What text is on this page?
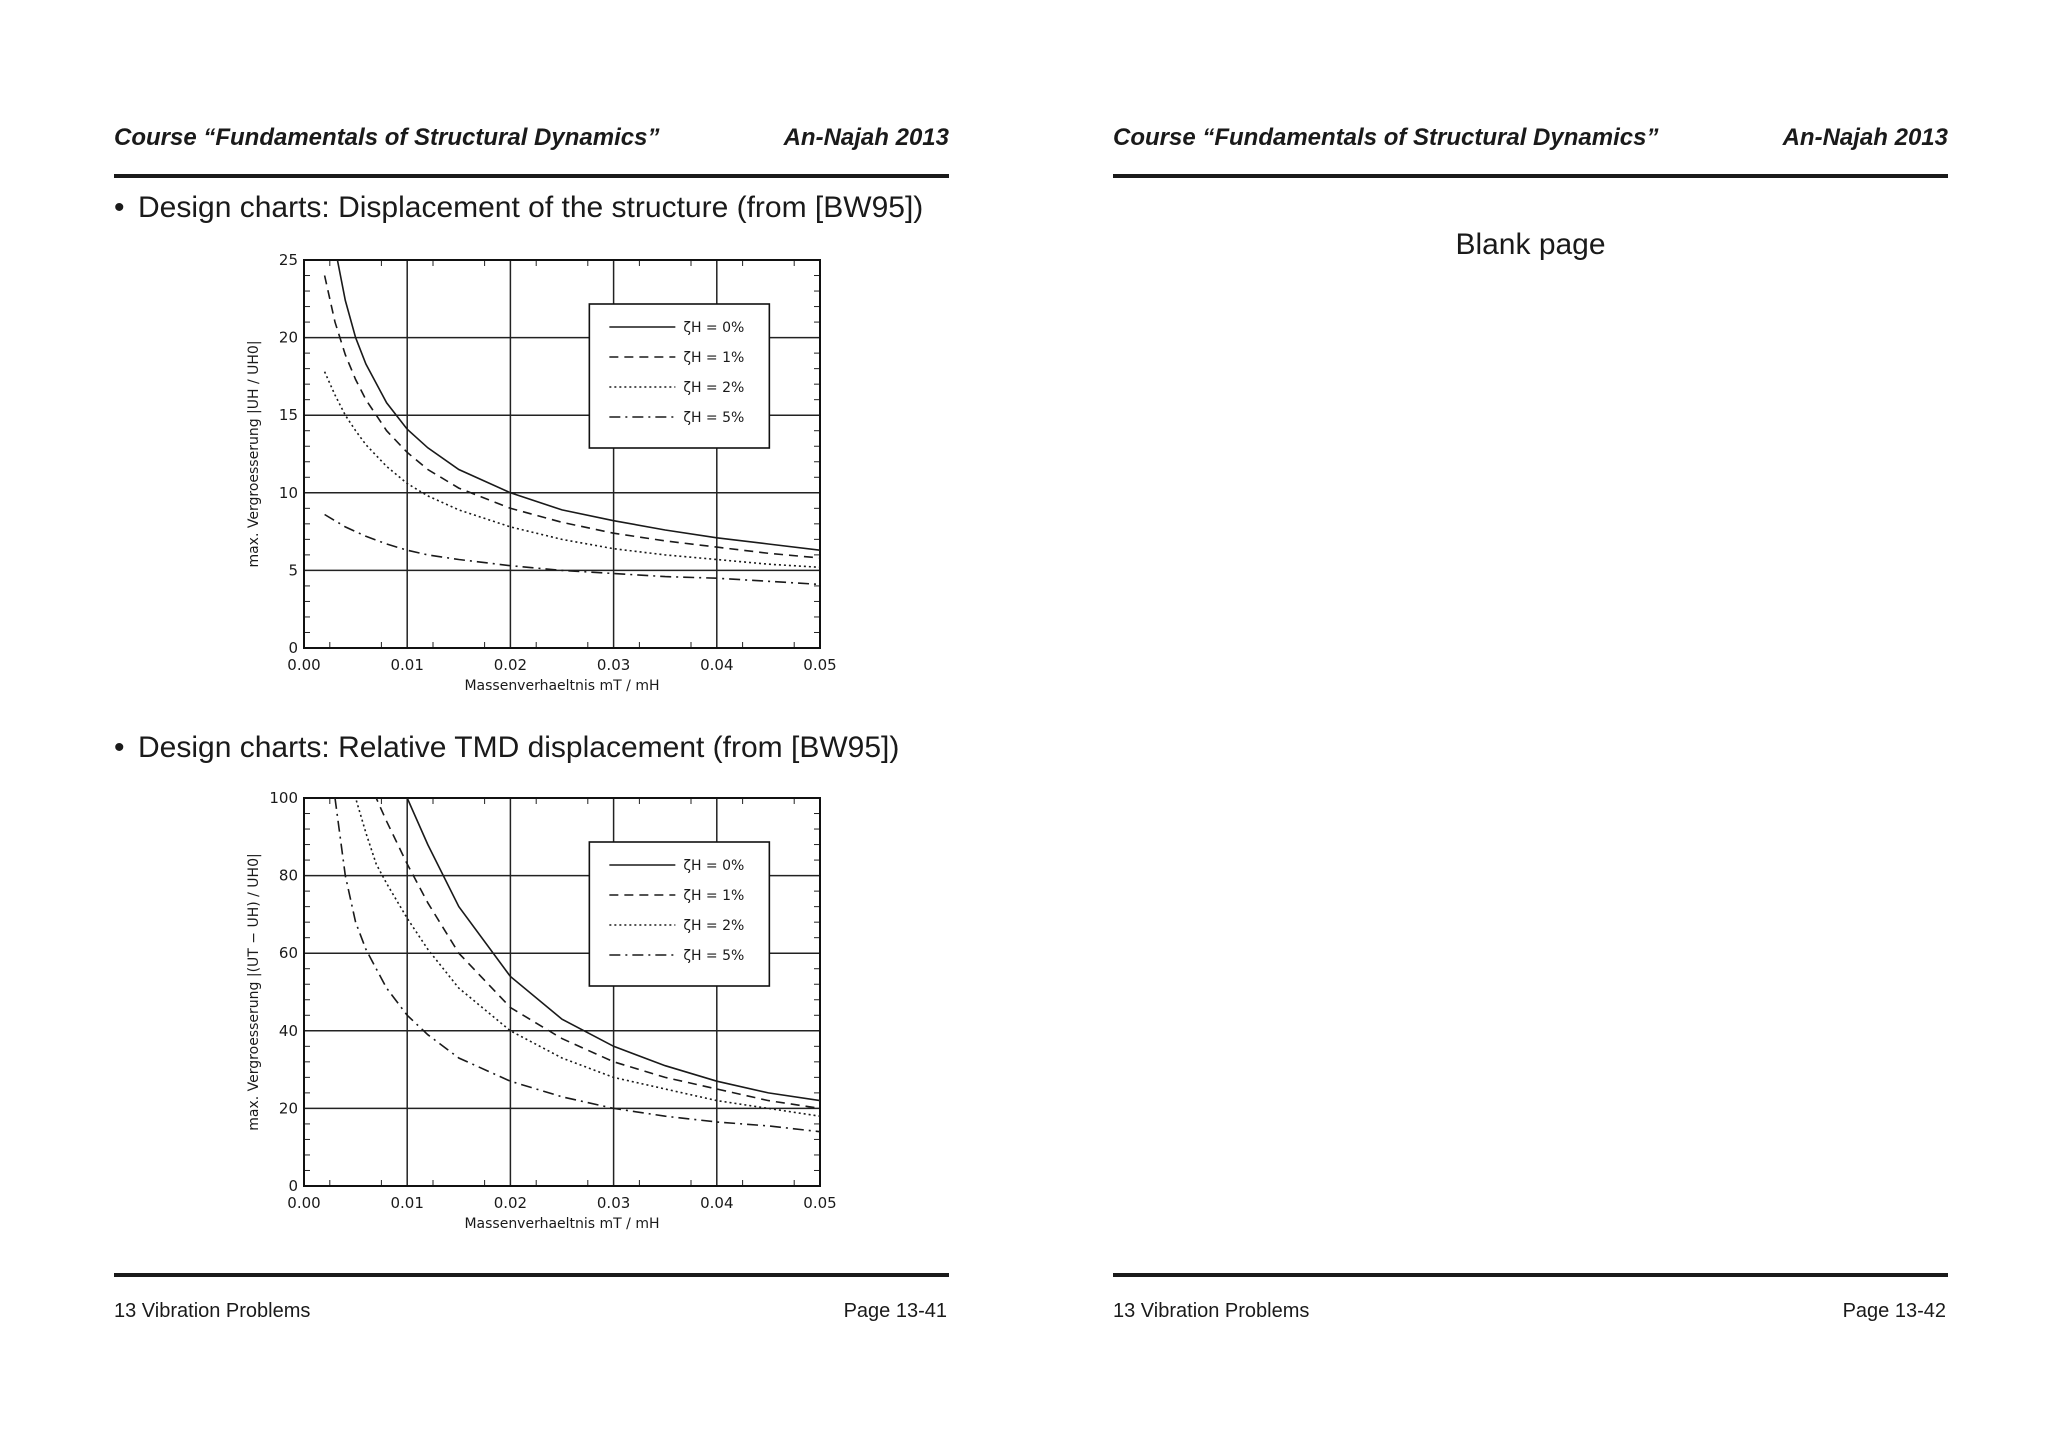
Course “Fundamentals of Structural Dynamics”	An-Najah 2013
• Design charts: Displacement of the structure (from [BW95])
0.00	0.01	0.02	0.03	0.04	0.05
0
5
10
15
20
25
Massenverhaeltnis mT / mH
max. Vergroesserung |UH / UH0|
ζH = 0%
ζH = 1%
ζH = 2%
ζH = 5%
• Design charts: Relative TMD displacement (from [BW95])
0.00	0.01	0.02	0.03	0.04	0.05
0
20
40
60
80
100
Massenverhaeltnis mT / mH
max. Vergroesserung |(UT − UH) / UH0|	ζH = 0%
ζH = 1%
ζH = 2%
ζH = 5%
13 Vibration Problems	Page 13-41
Course “Fundamentals of Structural Dynamics”	An-Najah 2013
Blank page
13 Vibration Problems	Page 13-42
